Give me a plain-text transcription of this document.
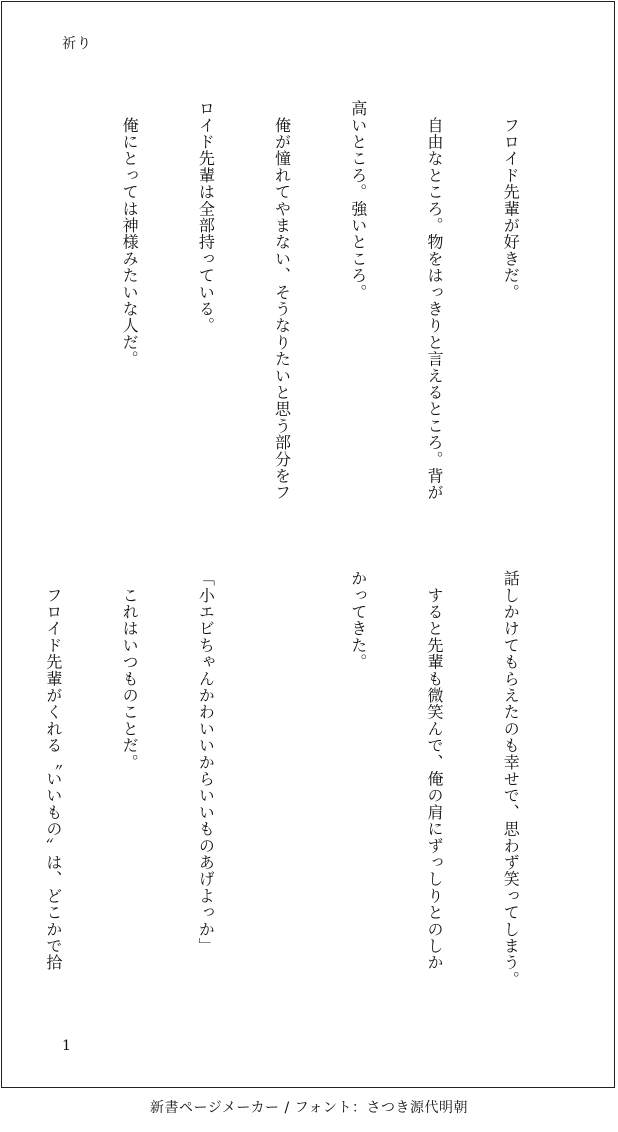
祈り

　フロイド先輩が好きだ。

　自由なところ。物をはっきりと言えるところ。背が

高いところ。強いところ。

　俺が憧れてやまない、そうなりたいと思う部分をフ

ロイド先輩は全部持っている。

　俺にとっては神様みたいな人だ。

話しかけてもらえたのも幸せで、思わず笑ってしまう。

　すると先輩も微笑んで、俺の肩にずっしりとのしか

かってきた。

「小エビちゃんかわいいからいいものあげよっか」

　これはいつものことだ。

　フロイド先輩がくれる〝いいもの〟は、どこかで拾

1
新書ページメーカー / フォント：さつき源代明朝
